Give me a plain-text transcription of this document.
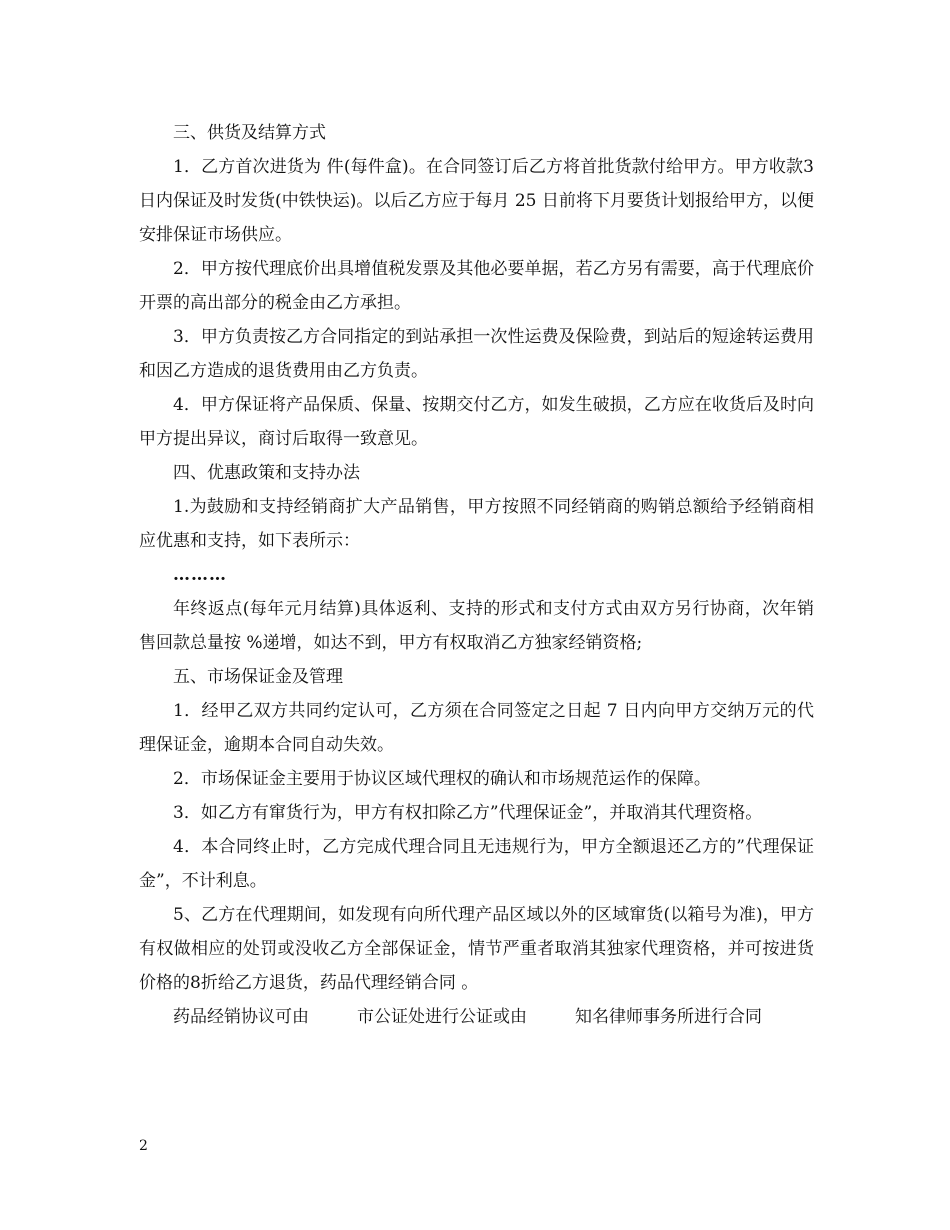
三、供货及结算方式

1．乙方首次进货为 件(每件盒)。在合同签订后乙方将首批货款付给甲方。甲方收款3日内保证及时发货(中铁快运)。以后乙方应于每月 25 日前将下月要货计划报给甲方，以便安排保证市场供应。

2．甲方按代理底价出具增值税发票及其他必要单据，若乙方另有需要，高于代理底价开票的高出部分的税金由乙方承担。

3．甲方负责按乙方合同指定的到站承担一次性运费及保险费，到站后的短途转运费用和因乙方造成的退货费用由乙方负责。

4．甲方保证将产品保质、保量、按期交付乙方，如发生破损，乙方应在收货后及时向甲方提出异议，商讨后取得一致意见。

四、优惠政策和支持办法

1.为鼓励和支持经销商扩大产品销售，甲方按照不同经销商的购销总额给予经销商相应优惠和支持，如下表所示：

………

年终返点(每年元月结算)具体返利、支持的形式和支付方式由双方另行协商，次年销售回款总量按 %递增，如达不到，甲方有权取消乙方独家经销资格;

五、市场保证金及管理

1．经甲乙双方共同约定认可，乙方须在合同签定之日起 7 日内向甲方交纳万元的代理保证金，逾期本合同自动失效。

2．市场保证金主要用于协议区域代理权的确认和市场规范运作的保障。

3．如乙方有窜货行为，甲方有权扣除乙方”代理保证金”，并取消其代理资格。

4．本合同终止时，乙方完成代理合同且无违规行为，甲方全额退还乙方的”代理保证金”，不计利息。

5、乙方在代理期间，如发现有向所代理产品区域以外的区域窜货(以箱号为准)，甲方有权做相应的处罚或没收乙方全部保证金，情节严重者取消其独家代理资格，并可按进货价格的8折给乙方退货，药品代理经销合同 。

药品经销协议可由	市公证处进行公证或由	知名律师事务所进行合同
2
